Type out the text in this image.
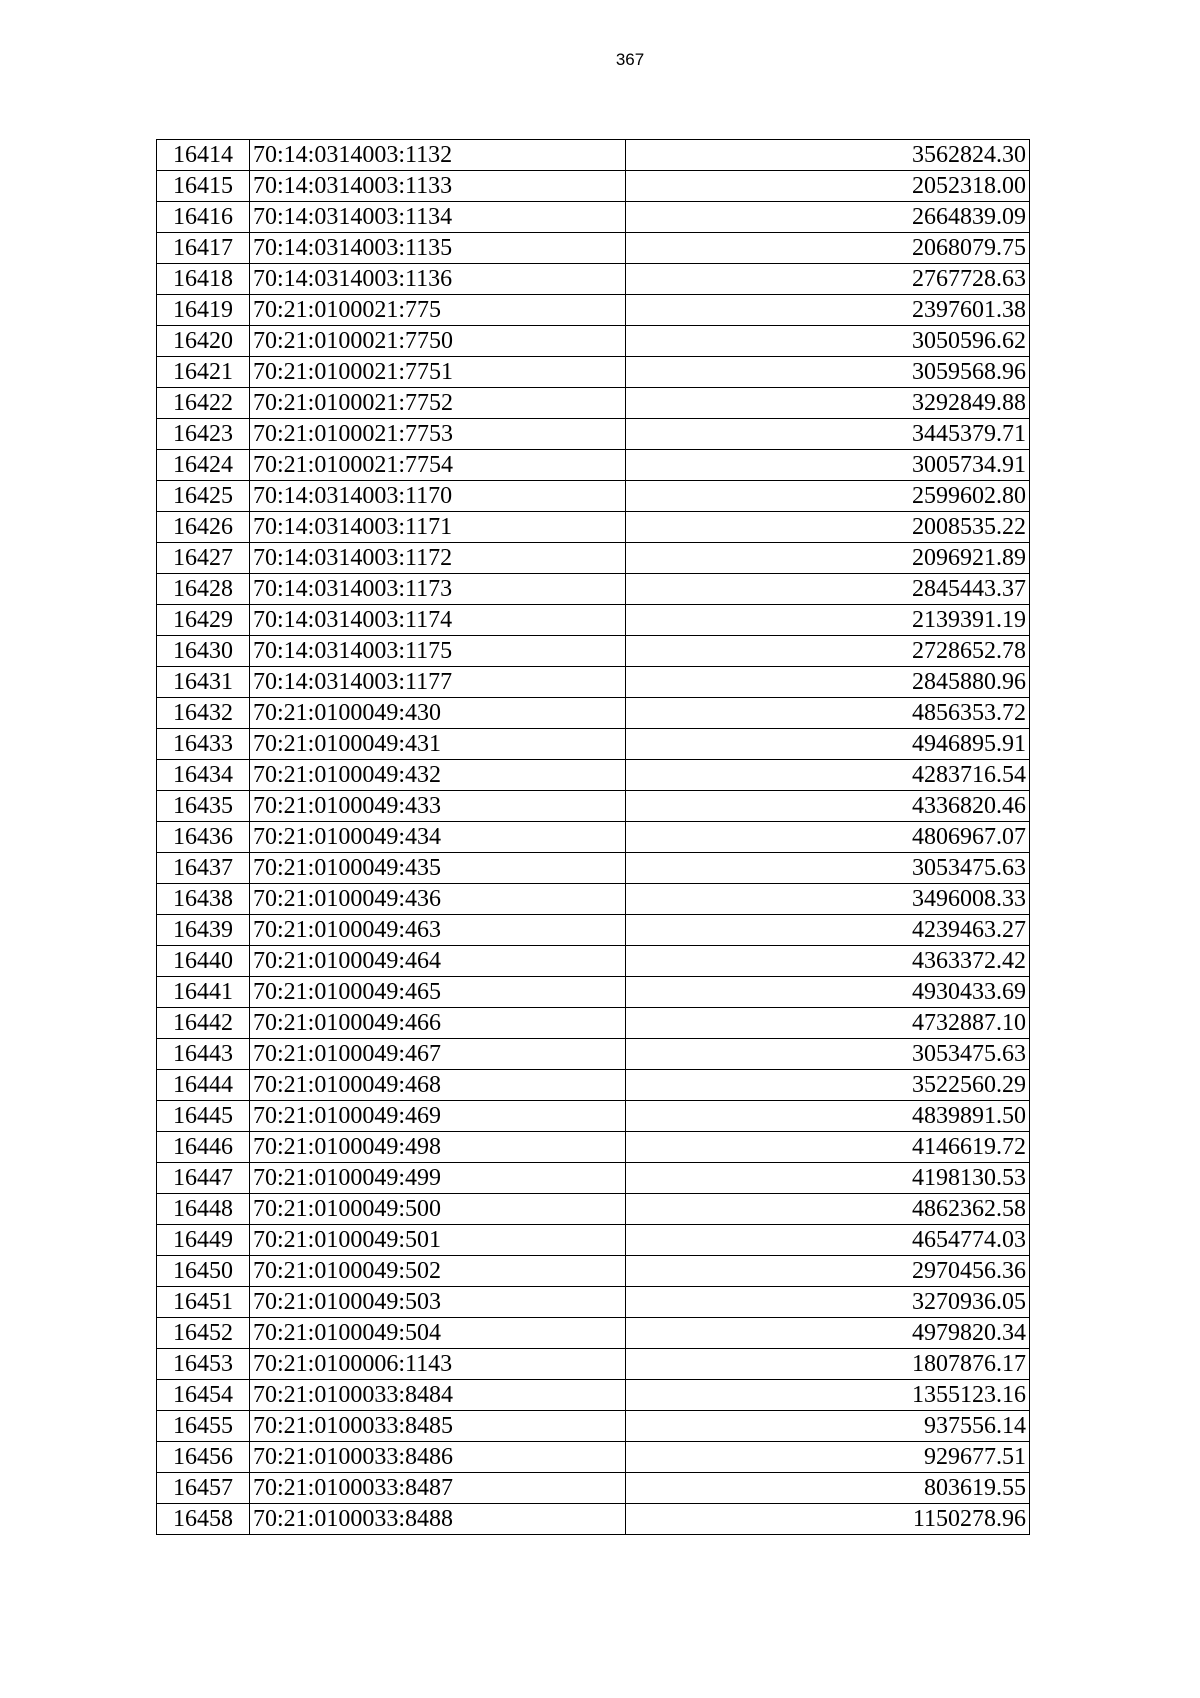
367
16414	70:14:0314003:1132	3562824.30
16415	70:14:0314003:1133	2052318.00
16416	70:14:0314003:1134	2664839.09
16417	70:14:0314003:1135	2068079.75
16418	70:14:0314003:1136	2767728.63
16419	70:21:0100021:775	2397601.38
16420	70:21:0100021:7750	3050596.62
16421	70:21:0100021:7751	3059568.96
16422	70:21:0100021:7752	3292849.88
16423	70:21:0100021:7753	3445379.71
16424	70:21:0100021:7754	3005734.91
16425	70:14:0314003:1170	2599602.80
16426	70:14:0314003:1171	2008535.22
16427	70:14:0314003:1172	2096921.89
16428	70:14:0314003:1173	2845443.37
16429	70:14:0314003:1174	2139391.19
16430	70:14:0314003:1175	2728652.78
16431	70:14:0314003:1177	2845880.96
16432	70:21:0100049:430	4856353.72
16433	70:21:0100049:431	4946895.91
16434	70:21:0100049:432	4283716.54
16435	70:21:0100049:433	4336820.46
16436	70:21:0100049:434	4806967.07
16437	70:21:0100049:435	3053475.63
16438	70:21:0100049:436	3496008.33
16439	70:21:0100049:463	4239463.27
16440	70:21:0100049:464	4363372.42
16441	70:21:0100049:465	4930433.69
16442	70:21:0100049:466	4732887.10
16443	70:21:0100049:467	3053475.63
16444	70:21:0100049:468	3522560.29
16445	70:21:0100049:469	4839891.50
16446	70:21:0100049:498	4146619.72
16447	70:21:0100049:499	4198130.53
16448	70:21:0100049:500	4862362.58
16449	70:21:0100049:501	4654774.03
16450	70:21:0100049:502	2970456.36
16451	70:21:0100049:503	3270936.05
16452	70:21:0100049:504	4979820.34
16453	70:21:0100006:1143	1807876.17
16454	70:21:0100033:8484	1355123.16
16455	70:21:0100033:8485	937556.14
16456	70:21:0100033:8486	929677.51
16457	70:21:0100033:8487	803619.55
16458	70:21:0100033:8488	1150278.96
